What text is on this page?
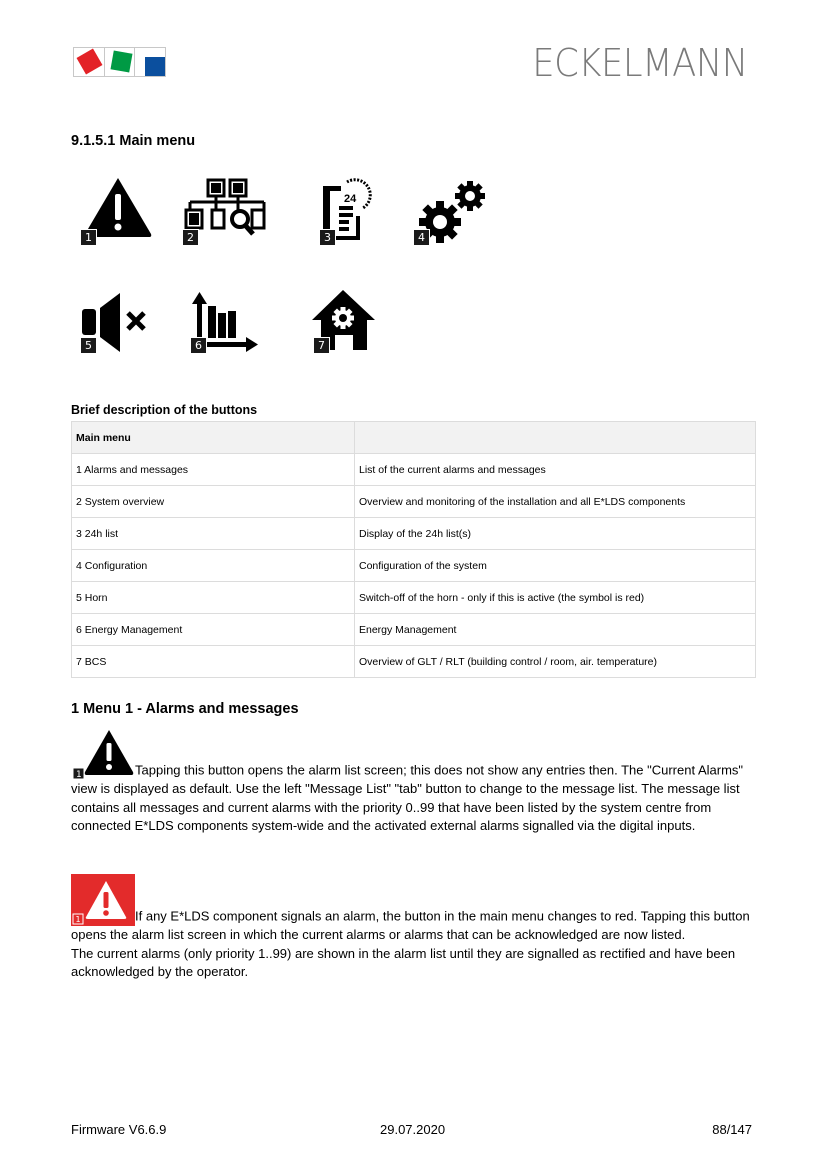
ECKELMANN
9.1.5.1 Main menu
1	2
24
3	4
5	6	7
Brief description of the buttons
Main menu	
1 Alarms and messages	List of the current alarms and messages
2 System overview	Overview and monitoring of the installation and all E*LDS components
3 24h list	Display of the 24h list(s)
4 Configuration	Configuration of the system
5 Horn	Switch-off of the horn - only if this is active (the symbol is red)
6 Energy Management	Energy Management
7 BCS	Overview of GLT / RLT (building control / room, air. temperature)
1 Menu 1 - Alarms and messages
1	Tapping this button opens the alarm list screen; this does not show any entries then. The "Current Alarms" view is displayed as default. Use the left "Message List" "tab" button to change to the message list. The message list contains all messages and current alarms with the priority 0..99 that have been listed by the system centre from connected E*LDS components system-wide and the activated external alarms signalled via the digital inputs.
1	If any E*LDS component signals an alarm, the button in the main menu changes to red. Tapping this button opens the alarm list screen in which the current alarms or alarms that can be acknowledged are now listed.
The current alarms (only priority 1..99) are shown in the alarm list until they are signalled as rectified and have been acknowledged by the operator.
Firmware V6.6.9	29.07.2020	88/147
